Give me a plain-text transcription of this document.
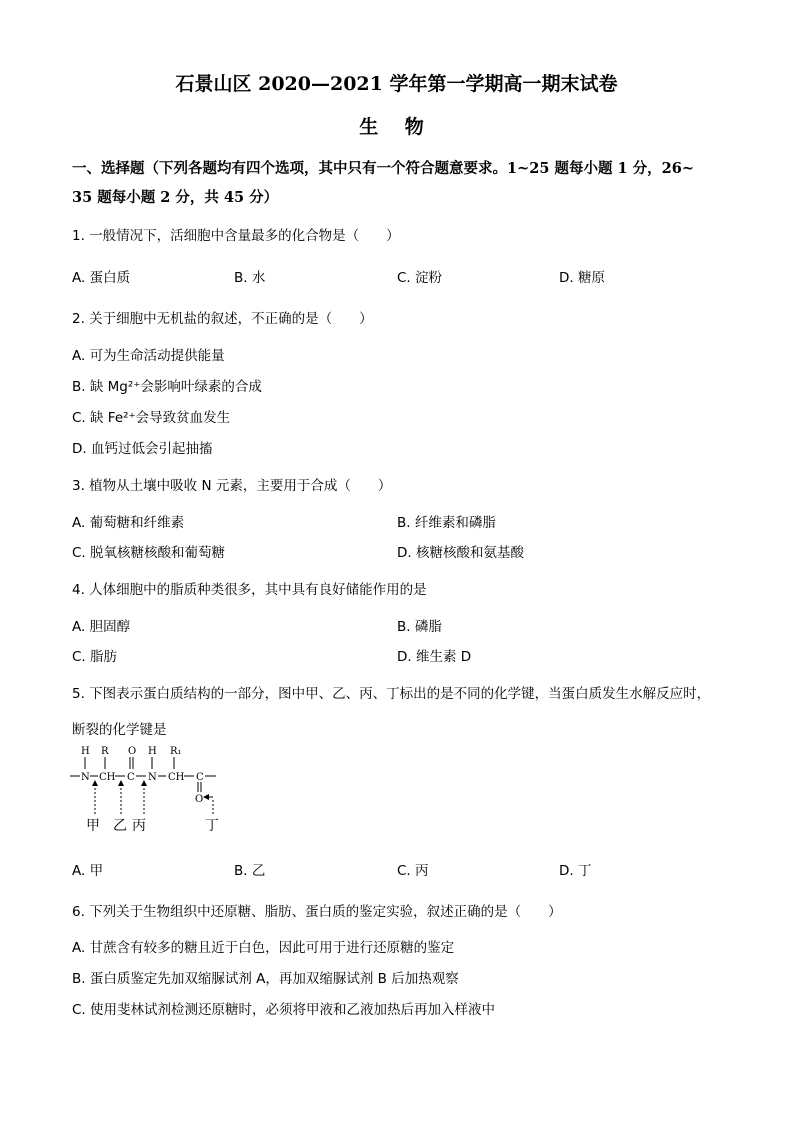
石景山区 2020—2021 学年第一学期高一期末试卷
生 物
一、选择题（下列各题均有四个选项，其中只有一个符合题意要求。1~25 题每小题 1 分，26~
35 题每小题 2 分，共 45 分）
1. 一般情况下，活细胞中含量最多的化合物是（　　）
A. 蛋白质	B. 水	C. 淀粉	D. 糖原
2. 关于细胞中无机盐的叙述，不正确的是（　　）
A. 可为生命活动提供能量
B. 缺 Mg²⁺会影响叶绿素的合成
C. 缺 Fe²⁺会导致贫血发生
D. 血钙过低会引起抽搐
3. 植物从土壤中吸收 N 元素，主要用于合成（　　）
A. 葡萄糖和纤维素	B. 纤维素和磷脂
C. 脱氧核糖核酸和葡萄糖	D. 核糖核酸和氨基酸
4. 人体细胞中的脂质种类很多，其中具有良好储能作用的是
A. 胆固醇	B. 磷脂
C. 脂肪	D. 维生素 D
5. 下图表示蛋白质结构的一部分，图中甲、乙、丙、丁标出的是不同的化学键，当蛋白质发生水解反应时，
断裂的化学键是
H R O H R₁
N CH C N CH C
O
甲 乙 丙	丁
A. 甲	B. 乙	C. 丙	D. 丁
6. 下列关于生物组织中还原糖、脂肪、蛋白质的鉴定实验，叙述正确的是（　　）
A. 甘蔗含有较多的糖且近于白色，因此可用于进行还原糖的鉴定
B. 蛋白质鉴定先加双缩脲试剂 A，再加双缩脲试剂 B 后加热观察
C. 使用斐林试剂检测还原糖时，必须将甲液和乙液加热后再加入样液中
